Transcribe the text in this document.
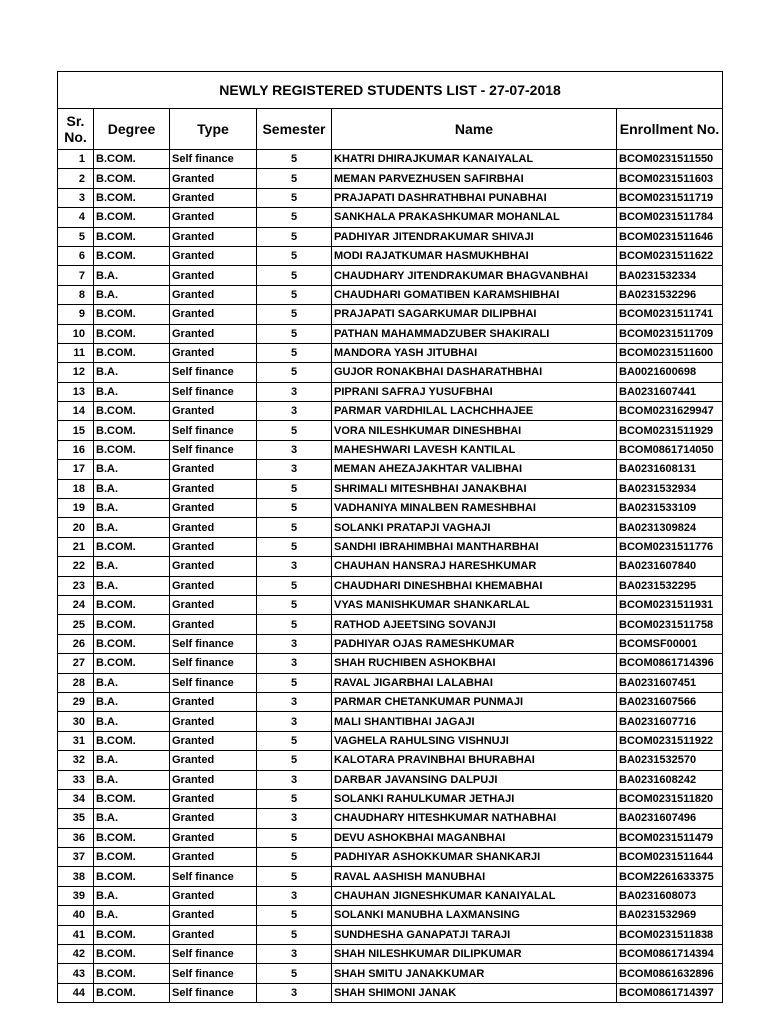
NEWLY REGISTERED STUDENTS LIST - 27-07-2018					
Sr.
No.	Degree	Type	Semester	Name	Enrollment No.
1	B.COM.	Self finance	5	KHATRI DHIRAJKUMAR KANAIYALAL	BCOM0231511550
2	B.COM.	Granted	5	MEMAN PARVEZHUSEN SAFIRBHAI	BCOM0231511603
3	B.COM.	Granted	5	PRAJAPATI DASHRATHBHAI PUNABHAI	BCOM0231511719
4	B.COM.	Granted	5	SANKHALA PRAKASHKUMAR MOHANLAL	BCOM0231511784
5	B.COM.	Granted	5	PADHIYAR JITENDRAKUMAR SHIVAJI	BCOM0231511646
6	B.COM.	Granted	5	MODI RAJATKUMAR HASMUKHBHAI	BCOM0231511622
7	B.A.	Granted	5	CHAUDHARY JITENDRAKUMAR BHAGVANBHAI	BA0231532334
8	B.A.	Granted	5	CHAUDHARI GOMATIBEN KARAMSHIBHAI	BA0231532296
9	B.COM.	Granted	5	PRAJAPATI SAGARKUMAR DILIPBHAI	BCOM0231511741
10	B.COM.	Granted	5	PATHAN MAHAMMADZUBER SHAKIRALI	BCOM0231511709
11	B.COM.	Granted	5	MANDORA YASH JITUBHAI	BCOM0231511600
12	B.A.	Self finance	5	GUJOR RONAKBHAI DASHARATHBHAI	BA0021600698
13	B.A.	Self finance	3	PIPRANI SAFRAJ YUSUFBHAI	BA0231607441
14	B.COM.	Granted	3	PARMAR VARDHILAL LACHCHHAJEE	BCOM0231629947
15	B.COM.	Self finance	5	VORA NILESHKUMAR DINESHBHAI	BCOM0231511929
16	B.COM.	Self finance	3	MAHESHWARI LAVESH KANTILAL	BCOM0861714050
17	B.A.	Granted	3	MEMAN AHEZAJAKHTAR VALIBHAI	BA0231608131
18	B.A.	Granted	5	SHRIMALI MITESHBHAI JANAKBHAI	BA0231532934
19	B.A.	Granted	5	VADHANIYA MINALBEN RAMESHBHAI	BA0231533109
20	B.A.	Granted	5	SOLANKI PRATAPJI VAGHAJI	BA0231309824
21	B.COM.	Granted	5	SANDHI IBRAHIMBHAI MANTHARBHAI	BCOM0231511776
22	B.A.	Granted	3	CHAUHAN HANSRAJ HARESHKUMAR	BA0231607840
23	B.A.	Granted	5	CHAUDHARI DINESHBHAI KHEMABHAI	BA0231532295
24	B.COM.	Granted	5	VYAS MANISHKUMAR SHANKARLAL	BCOM0231511931
25	B.COM.	Granted	5	RATHOD AJEETSING SOVANJI	BCOM0231511758
26	B.COM.	Self finance	3	PADHIYAR OJAS RAMESHKUMAR	BCOMSF00001
27	B.COM.	Self finance	3	SHAH RUCHIBEN ASHOKBHAI	BCOM0861714396
28	B.A.	Self finance	5	RAVAL JIGARBHAI LALABHAI	BA0231607451
29	B.A.	Granted	3	PARMAR CHETANKUMAR PUNMAJI	BA0231607566
30	B.A.	Granted	3	MALI SHANTIBHAI JAGAJI	BA0231607716
31	B.COM.	Granted	5	VAGHELA RAHULSING VISHNUJI	BCOM0231511922
32	B.A.	Granted	5	KALOTARA PRAVINBHAI BHURABHAI	BA0231532570
33	B.A.	Granted	3	DARBAR JAVANSING DALPUJI	BA0231608242
34	B.COM.	Granted	5	SOLANKI RAHULKUMAR JETHAJI	BCOM0231511820
35	B.A.	Granted	3	CHAUDHARY HITESHKUMAR NATHABHAI	BA0231607496
36	B.COM.	Granted	5	DEVU ASHOKBHAI MAGANBHAI	BCOM0231511479
37	B.COM.	Granted	5	PADHIYAR ASHOKKUMAR SHANKARJI	BCOM0231511644
38	B.COM.	Self finance	5	RAVAL AASHISH MANUBHAI	BCOM2261633375
39	B.A.	Granted	3	CHAUHAN JIGNESHKUMAR KANAIYALAL	BA0231608073
40	B.A.	Granted	5	SOLANKI MANUBHA LAXMANSING	BA0231532969
41	B.COM.	Granted	5	SUNDHESHA GANAPATJI TARAJI	BCOM0231511838
42	B.COM.	Self finance	3	SHAH NILESHKUMAR DILIPKUMAR	BCOM0861714394
43	B.COM.	Self finance	5	SHAH SMITU JANAKKUMAR	BCOM0861632896
44	B.COM.	Self finance	3	SHAH SHIMONI JANAK	BCOM0861714397
